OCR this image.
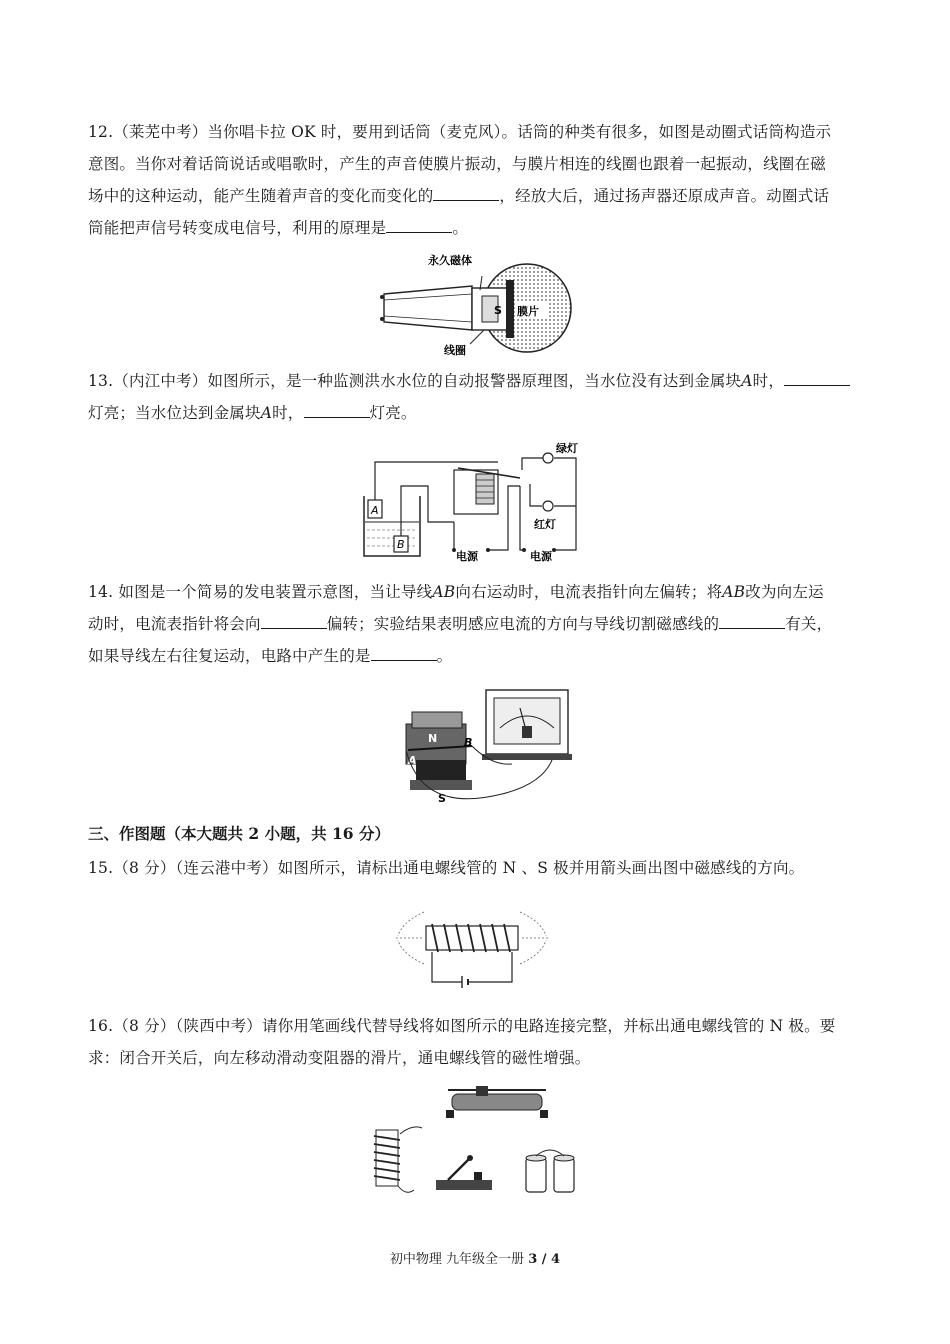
12.（莱芜中考）当你唱卡拉 OK 时，要用到话筒（麦克风）。话筒的种类有很多，如图是动圈式话筒构造示
意图。当你对着话筒说话或唱歌时，产生的声音使膜片振动，与膜片相连的线圈也跟着一起振动，线圈在磁
场中的这种运动，能产生随着声音的变化而变化的	，经放大后，通过扬声器还原成声音。动圈式话
筒能把声信号转变成电信号，利用的原理是	。
永久磁体
S 膜片
线圈
13.（内江中考）如图所示，是一种监测洪水水位的自动报警器原理图，当水位没有达到金属块A时，
灯亮；当水位达到金属块A时，	灯亮。
A
B
电源
绿灯
红灯
电源
14. 如图是一个简易的发电装置示意图，当让导线AB向右运动时，电流表指针向左偏转；将AB改为向左运
动时，电流表指针将会向	偏转；实验结果表明感应电流的方向与导线切割磁感线的	有关，
如果导线左右往复运动，电路中产生的是	。
N
S
A
B
三、作图题（本大题共 2 小题，共 16 分）
15.（8 分）（连云港中考）如图所示，请标出通电螺线管的 N 、S 极并用箭头画出图中磁感线的方向。
16.（8 分）（陕西中考）请你用笔画线代替导线将如图所示的电路连接完整，并标出通电螺线管的 N 极。要
求：闭合开关后，向左移动滑动变阻器的滑片，通电螺线管的磁性增强。
初中物理 九年级全一册 3 / 4
